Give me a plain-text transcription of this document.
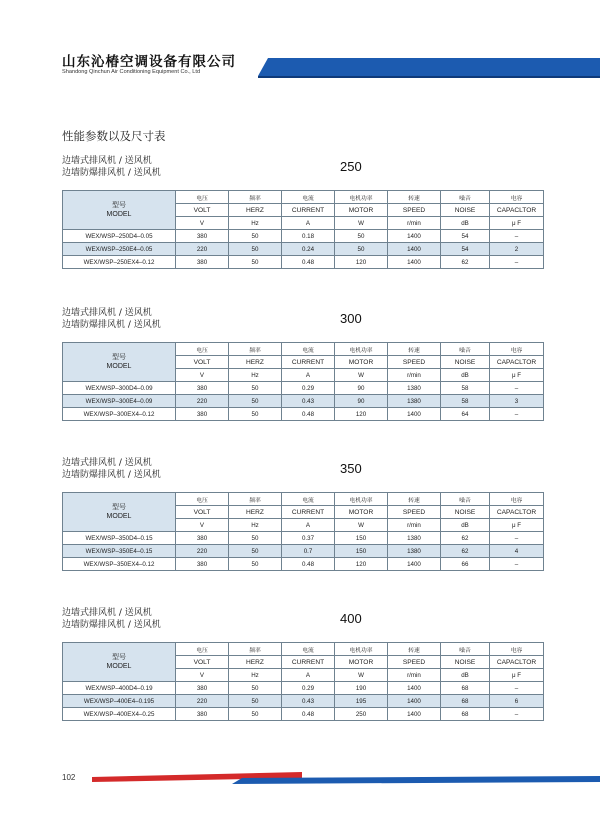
山东沁椿空调设备有限公司
Shandong Qinchun Air Conditioning Equipment Co., Ltd
性能参数以及尺寸表
边墙式排风机 / 送风机
边墙防爆排风机 / 送风机	250
型号
MODEL	电压	频率	电流	电机功率	转速	噪音	电容
	VOLT	HERZ	CURRENT	MOTOR	SPEED	NOISE	CAPACLTOR
	V	Hz	A	W	r/min	dB	μ F
WEX/WSP–250D4–0.05	380	50	0.18	50	1400	54	–
WEX/WSP–250E4–0.05	220	50	0.24	50	1400	54	2
WEX/WSP–250EX4–0.12	380	50	0.48	120	1400	62	–
边墙式排风机 / 送风机
边墙防爆排风机 / 送风机	300
型号
MODEL	电压	频率	电流	电机功率	转速	噪音	电容
	VOLT	HERZ	CURRENT	MOTOR	SPEED	NOISE	CAPACLTOR
	V	Hz	A	W	r/min	dB	μ F
WEX/WSP–300D4–0.09	380	50	0.29	90	1380	58	–
WEX/WSP–300E4–0.09	220	50	0.43	90	1380	58	3
WEX/WSP–300EX4–0.12	380	50	0.48	120	1400	64	–
边墙式排风机 / 送风机
边墙防爆排风机 / 送风机	350
型号
MODEL	电压	频率	电流	电机功率	转速	噪音	电容
	VOLT	HERZ	CURRENT	MOTOR	SPEED	NOISE	CAPACLTOR
	V	Hz	A	W	r/min	dB	μ F
WEX/WSP–350D4–0.15	380	50	0.37	150	1380	62	–
WEX/WSP–350E4–0.15	220	50	0.7	150	1380	62	4
WEX/WSP–350EX4–0.12	380	50	0.48	120	1400	66	–
边墙式排风机 / 送风机
边墙防爆排风机 / 送风机	400
型号
MODEL	电压	频率	电流	电机功率	转速	噪音	电容
	VOLT	HERZ	CURRENT	MOTOR	SPEED	NOISE	CAPACLTOR
	V	Hz	A	W	r/min	dB	μ F
WEX/WSP–400D4–0.19	380	50	0.29	190	1400	68	–
WEX/WSP–400E4–0.195	220	50	0.43	195	1400	68	6
WEX/WSP–400EX4–0.25	380	50	0.48	250	1400	68	–
102
